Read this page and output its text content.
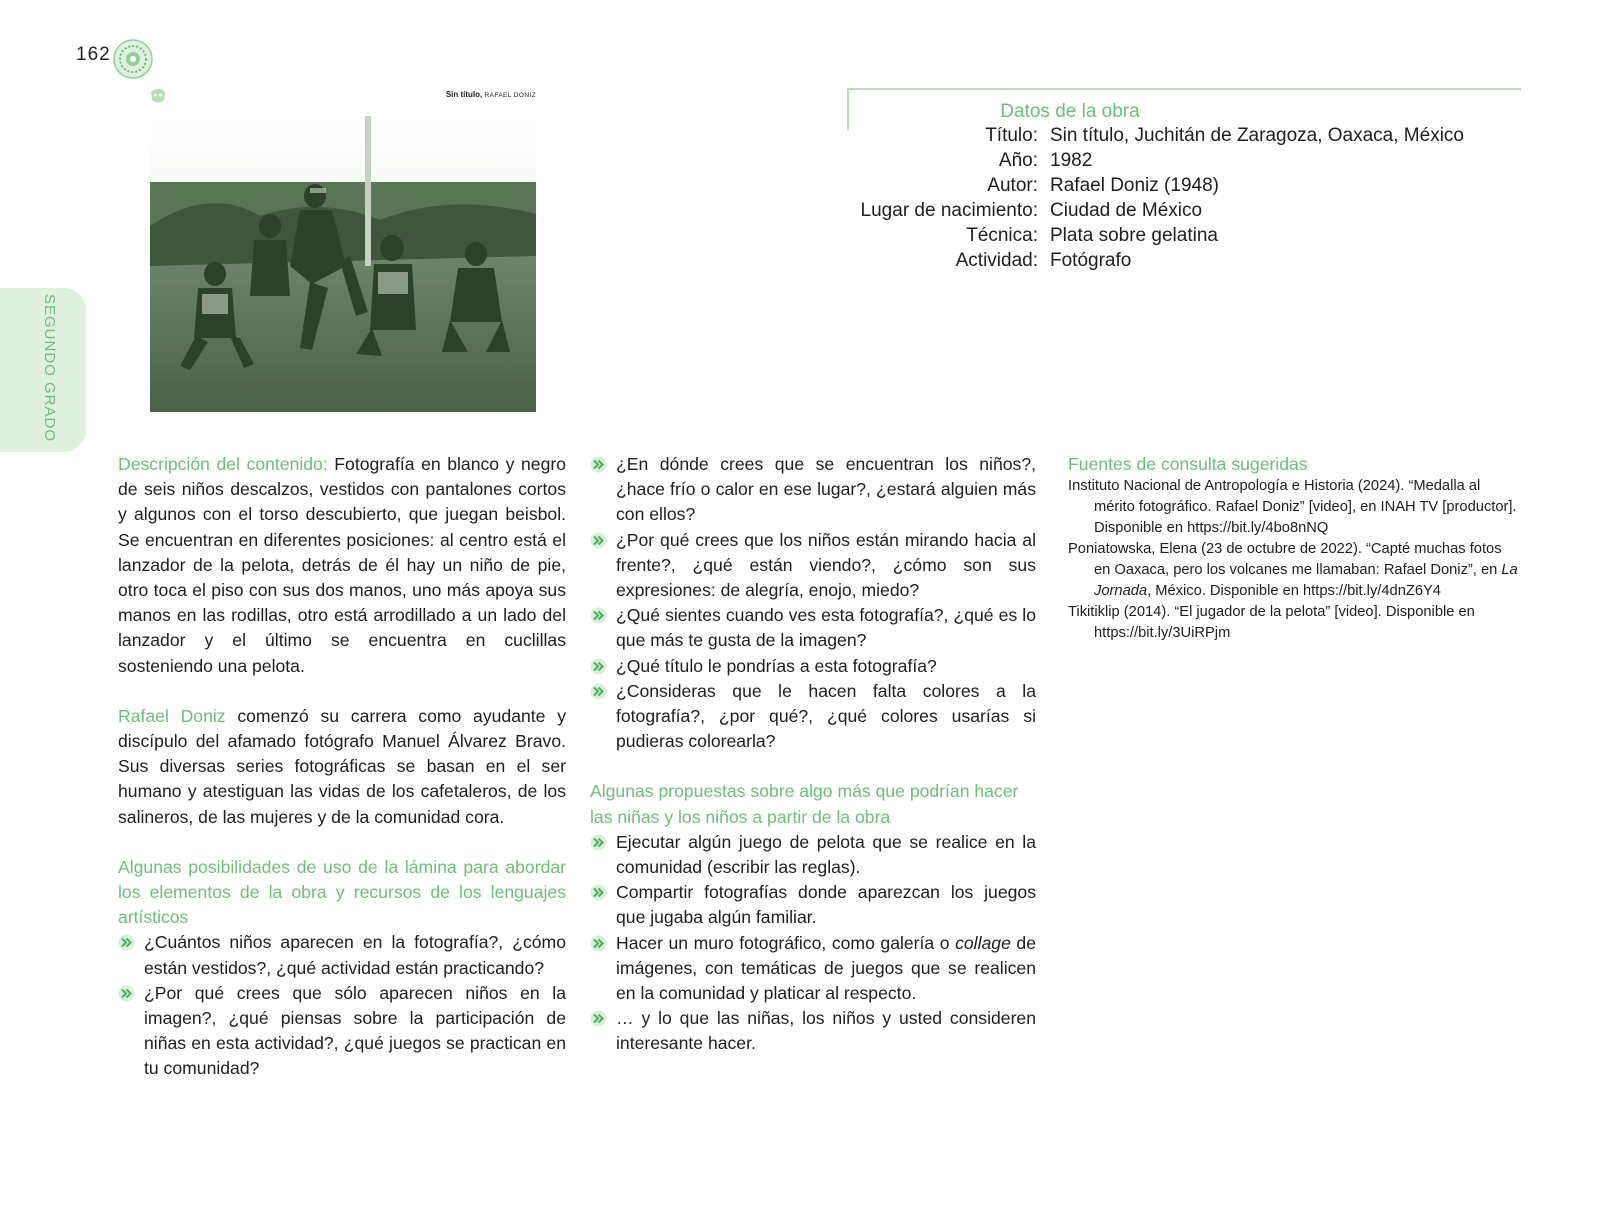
162
SEGUNDO GRADO
Sin título, RAFAEL DONIZ
Datos de la obra
Título: Sin título, Juchitán de Zaragoza, Oaxaca, México
Año: 1982
Autor: Rafael Doniz (1948)
Lugar de nacimiento: Ciudad de México
Técnica: Plata sobre gelatina
Actividad: Fotógrafo

Descripción del contenido: Fotografía en blanco y negro de seis niños descalzos, vestidos con pantalones cortos y algunos con el torso descubierto, que juegan beisbol. Se encuentran en diferentes posiciones: al centro está el lanzador de la pelota, detrás de él hay un niño de pie, otro toca el piso con sus dos manos, uno más apoya sus manos en las rodillas, otro está arrodillado a un lado del lanzador y el último se encuentra en cuclillas sosteniendo una pelota.

Rafael Doniz comenzó su carrera como ayudante y discípulo del afamado fotógrafo Manuel Álvarez Bravo. Sus diversas series fotográficas se basan en el ser humano y atestiguan las vidas de los cafetaleros, de los salineros, de las mujeres y de la comunidad cora.

Algunas posibilidades de uso de la lámina para abordar los elementos de la obra y recursos de los lenguajes artísticos

¿Cuántos niños aparecen en la fotografía?, ¿cómo están vestidos?, ¿qué actividad están practicando?
¿Por qué crees que sólo aparecen niños en la imagen?, ¿qué piensas sobre la participación de niñas en esta actividad?, ¿qué juegos se practican en tu comunidad?
¿En dónde crees que se encuentran los niños?, ¿hace frío o calor en ese lugar?, ¿estará alguien más con ellos?
¿Por qué crees que los niños están mirando hacia al frente?, ¿qué están viendo?, ¿cómo son sus expresiones: de alegría, enojo, miedo?
¿Qué sientes cuando ves esta fotografía?, ¿qué es lo que más te gusta de la imagen?
¿Qué título le pondrías a esta fotografía?
¿Consideras que le hacen falta colores a la fotografía?, ¿por qué?, ¿qué colores usarías si pudieras colorearla?

Algunas propuestas sobre algo más que podrían hacer las niñas y los niños a partir de la obra

Ejecutar algún juego de pelota que se realice en la comunidad (escribir las reglas).
Compartir fotografías donde aparezcan los juegos que jugaba algún familiar.
Hacer un muro fotográfico, como galería o collage de imágenes, con temáticas de juegos que se realicen en la comunidad y platicar al respecto.
… y lo que las niñas, los niños y usted consideren interesante hacer.
Fuentes de consulta sugeridas

Instituto Nacional de Antropología e Historia (2024). “Medalla al mérito fotográfico. Rafael Doniz” [video], en INAH TV [productor]. Disponible en https://bit.ly/4bo8nNQ

Poniatowska, Elena (23 de octubre de 2022). “Capté muchas fotos en Oaxaca, pero los volcanes me llamaban: Rafael Doniz”, en La Jornada, México. Disponible en https://bit.ly/4dnZ6Y4

Tikitiklip (2014). “El jugador de la pelota” [video]. Disponible en https://bit.ly/3UiRPjm
